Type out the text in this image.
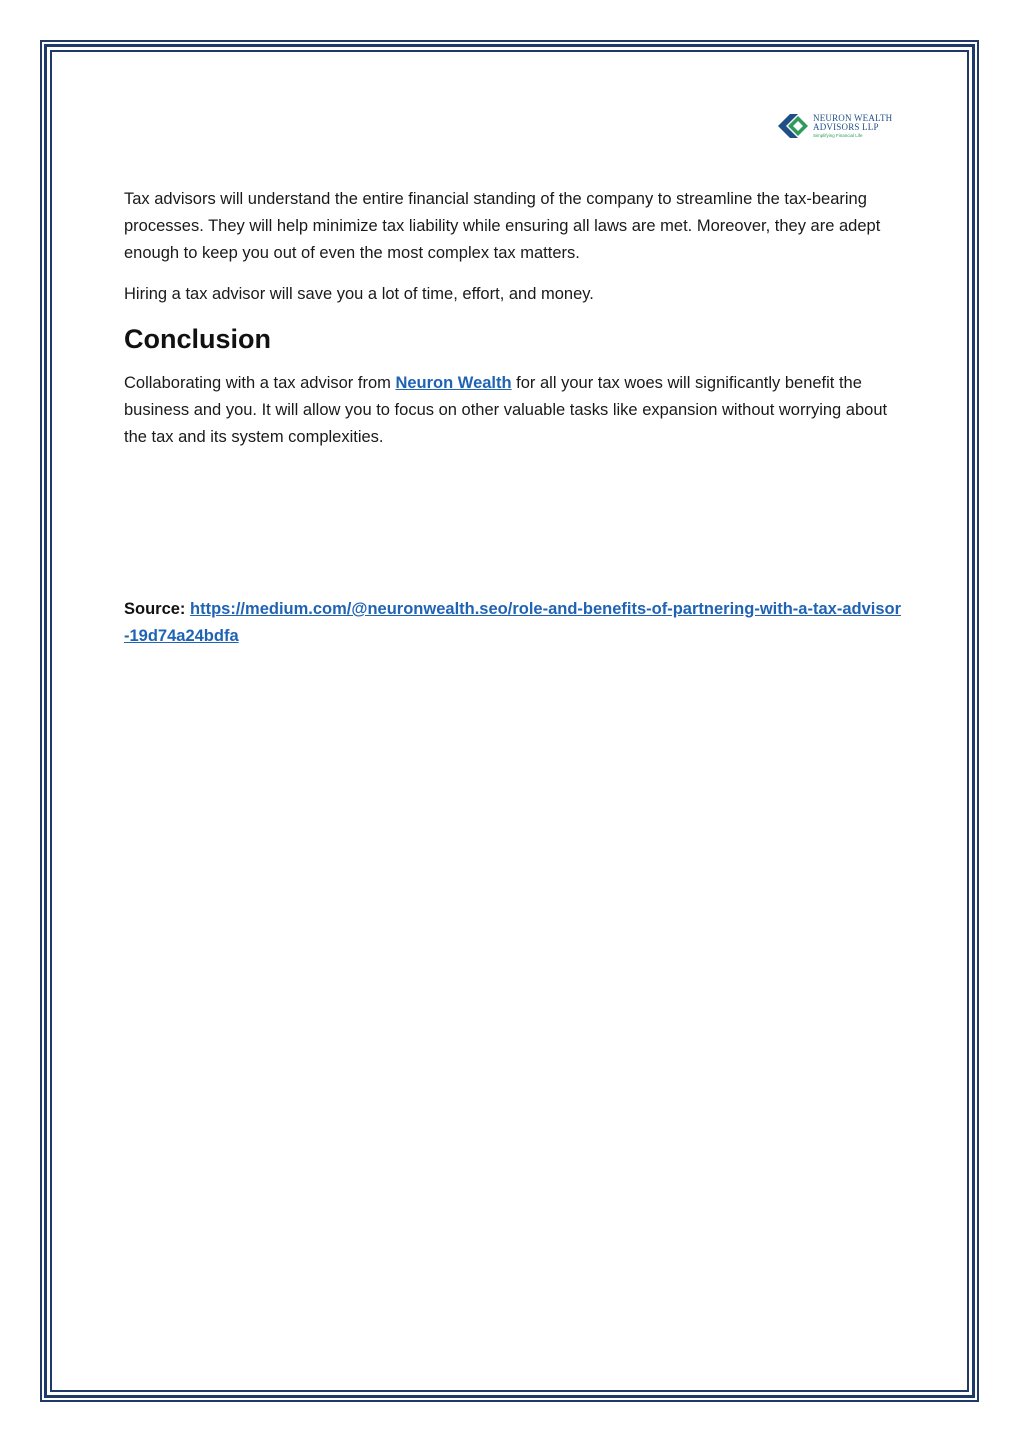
NEURON WEALTH
ADVISORS LLP
Simplifying Financial Life

Tax advisors will understand the entire financial standing of the company to streamline the tax-bearing processes. They will help minimize tax liability while ensuring all laws are met. Moreover, they are adept enough to keep you out of even the most complex tax matters.

Hiring a tax advisor will save you a lot of time, effort, and money.

Conclusion

Collaborating with a tax advisor from Neuron Wealth for all your tax woes will significantly benefit the business and you. It will allow you to focus on other valuable tasks like expansion without worrying about the tax and its system complexities.

Source: https://medium.com/@neuronwealth.seo/role-and-benefits-of-partnering-with-a-tax-advisor-19d74a24bdfa
